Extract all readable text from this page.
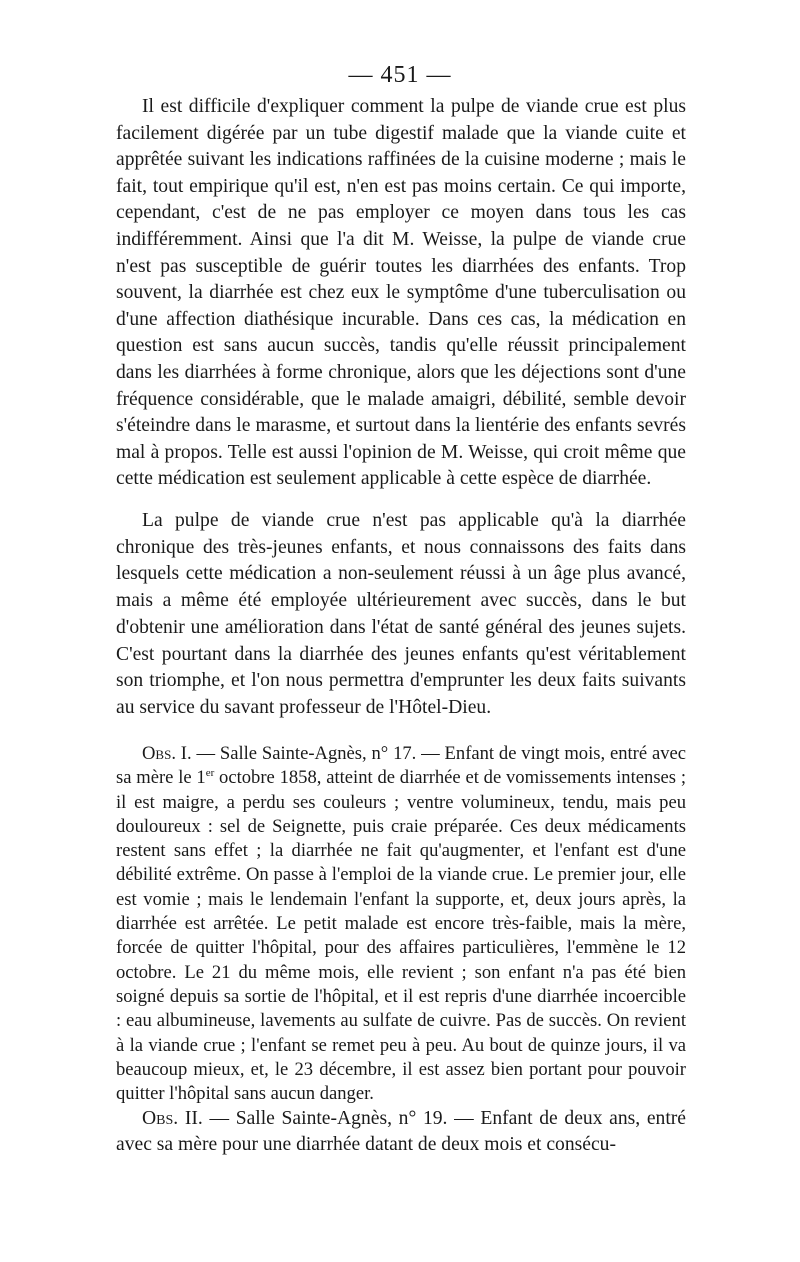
— 451 —

Il est difficile d'expliquer comment la pulpe de viande crue est plus facilement digérée par un tube digestif malade que la viande cuite et apprêtée suivant les indications raffinées de la cuisine moderne ; mais le fait, tout empirique qu'il est, n'en est pas moins certain. Ce qui importe, cependant, c'est de ne pas employer ce moyen dans tous les cas indifféremment. Ainsi que l'a dit M. Weisse, la pulpe de viande crue n'est pas susceptible de guérir toutes les diarrhées des enfants. Trop souvent, la diarrhée est chez eux le symptôme d'une tuberculisation ou d'une affection diathésique incurable. Dans ces cas, la médication en question est sans aucun succès, tandis qu'elle réussit principalement dans les diarrhées à forme chronique, alors que les déjections sont d'une fréquence considérable, que le malade amaigri, débilité, semble devoir s'éteindre dans le marasme, et surtout dans la lientérie des enfants sevrés mal à propos. Telle est aussi l'opinion de M. Weisse, qui croit même que cette médication est seulement applicable à cette espèce de diarrhée.

La pulpe de viande crue n'est pas applicable qu'à la diarrhée chronique des très-jeunes enfants, et nous connaissons des faits dans lesquels cette médication a non-seulement réussi à un âge plus avancé, mais a même été employée ultérieurement avec succès, dans le but d'obtenir une amélioration dans l'état de santé général des jeunes sujets. C'est pourtant dans la diarrhée des jeunes enfants qu'est véritablement son triomphe, et l'on nous permettra d'emprunter les deux faits suivants au service du savant professeur de l'Hôtel-Dieu.

Obs. I. — Salle Sainte-Agnès, n° 17. — Enfant de vingt mois, entré avec sa mère le 1er octobre 1858, atteint de diarrhée et de vomissements intenses ; il est maigre, a perdu ses couleurs ; ventre volumineux, tendu, mais peu douloureux : sel de Seignette, puis craie préparée. Ces deux médicaments restent sans effet ; la diarrhée ne fait qu'augmenter, et l'enfant est d'une débilité extrême. On passe à l'emploi de la viande crue. Le premier jour, elle est vomie ; mais le lendemain l'enfant la supporte, et, deux jours après, la diarrhée est arrêtée. Le petit malade est encore très-faible, mais la mère, forcée de quitter l'hôpital, pour des affaires particulières, l'emmène le 12 octobre. Le 21 du même mois, elle revient ; son enfant n'a pas été bien soigné depuis sa sortie de l'hôpital, et il est repris d'une diarrhée incoercible : eau albumineuse, lavements au sulfate de cuivre. Pas de succès. On revient à la viande crue ; l'enfant se remet peu à peu. Au bout de quinze jours, il va beaucoup mieux, et, le 23 décembre, il est assez bien portant pour pouvoir quitter l'hôpital sans aucun danger.

Obs. II. — Salle Sainte-Agnès, n° 19. — Enfant de deux ans, entré avec sa mère pour une diarrhée datant de deux mois et consécu-
